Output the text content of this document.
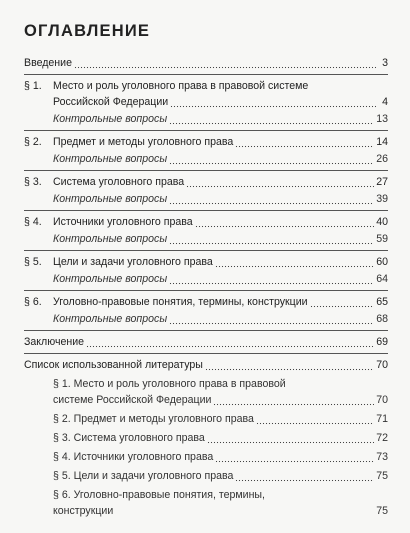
ОГЛАВЛЕНИЕ
Введение	3
§ 1. Место и роль уголовного права в правовой системе
Российской Федерации	4
Контрольные вопросы	13
§ 2. Предмет и методы уголовного права	14
Контрольные вопросы	26
§ 3. Система уголовного права	27
Контрольные вопросы	39
§ 4. Источники уголовного права	40
Контрольные вопросы	59
§ 5. Цели и задачи уголовного права	60
Контрольные вопросы	64
§ 6. Уголовно-правовые понятия, термины, конструкции	65
Контрольные вопросы	68
Заключение	69
Список использованной литературы	70
§ 1. Место и роль уголовного права в правовой
системе Российской Федерации	70
§ 2. Предмет и методы уголовного права	71
§ 3. Система уголовного права	72
§ 4. Источники уголовного права	73
§ 5. Цели и задачи уголовного права	75
§ 6. Уголовно-правовые понятия, термины,
конструкции	75
